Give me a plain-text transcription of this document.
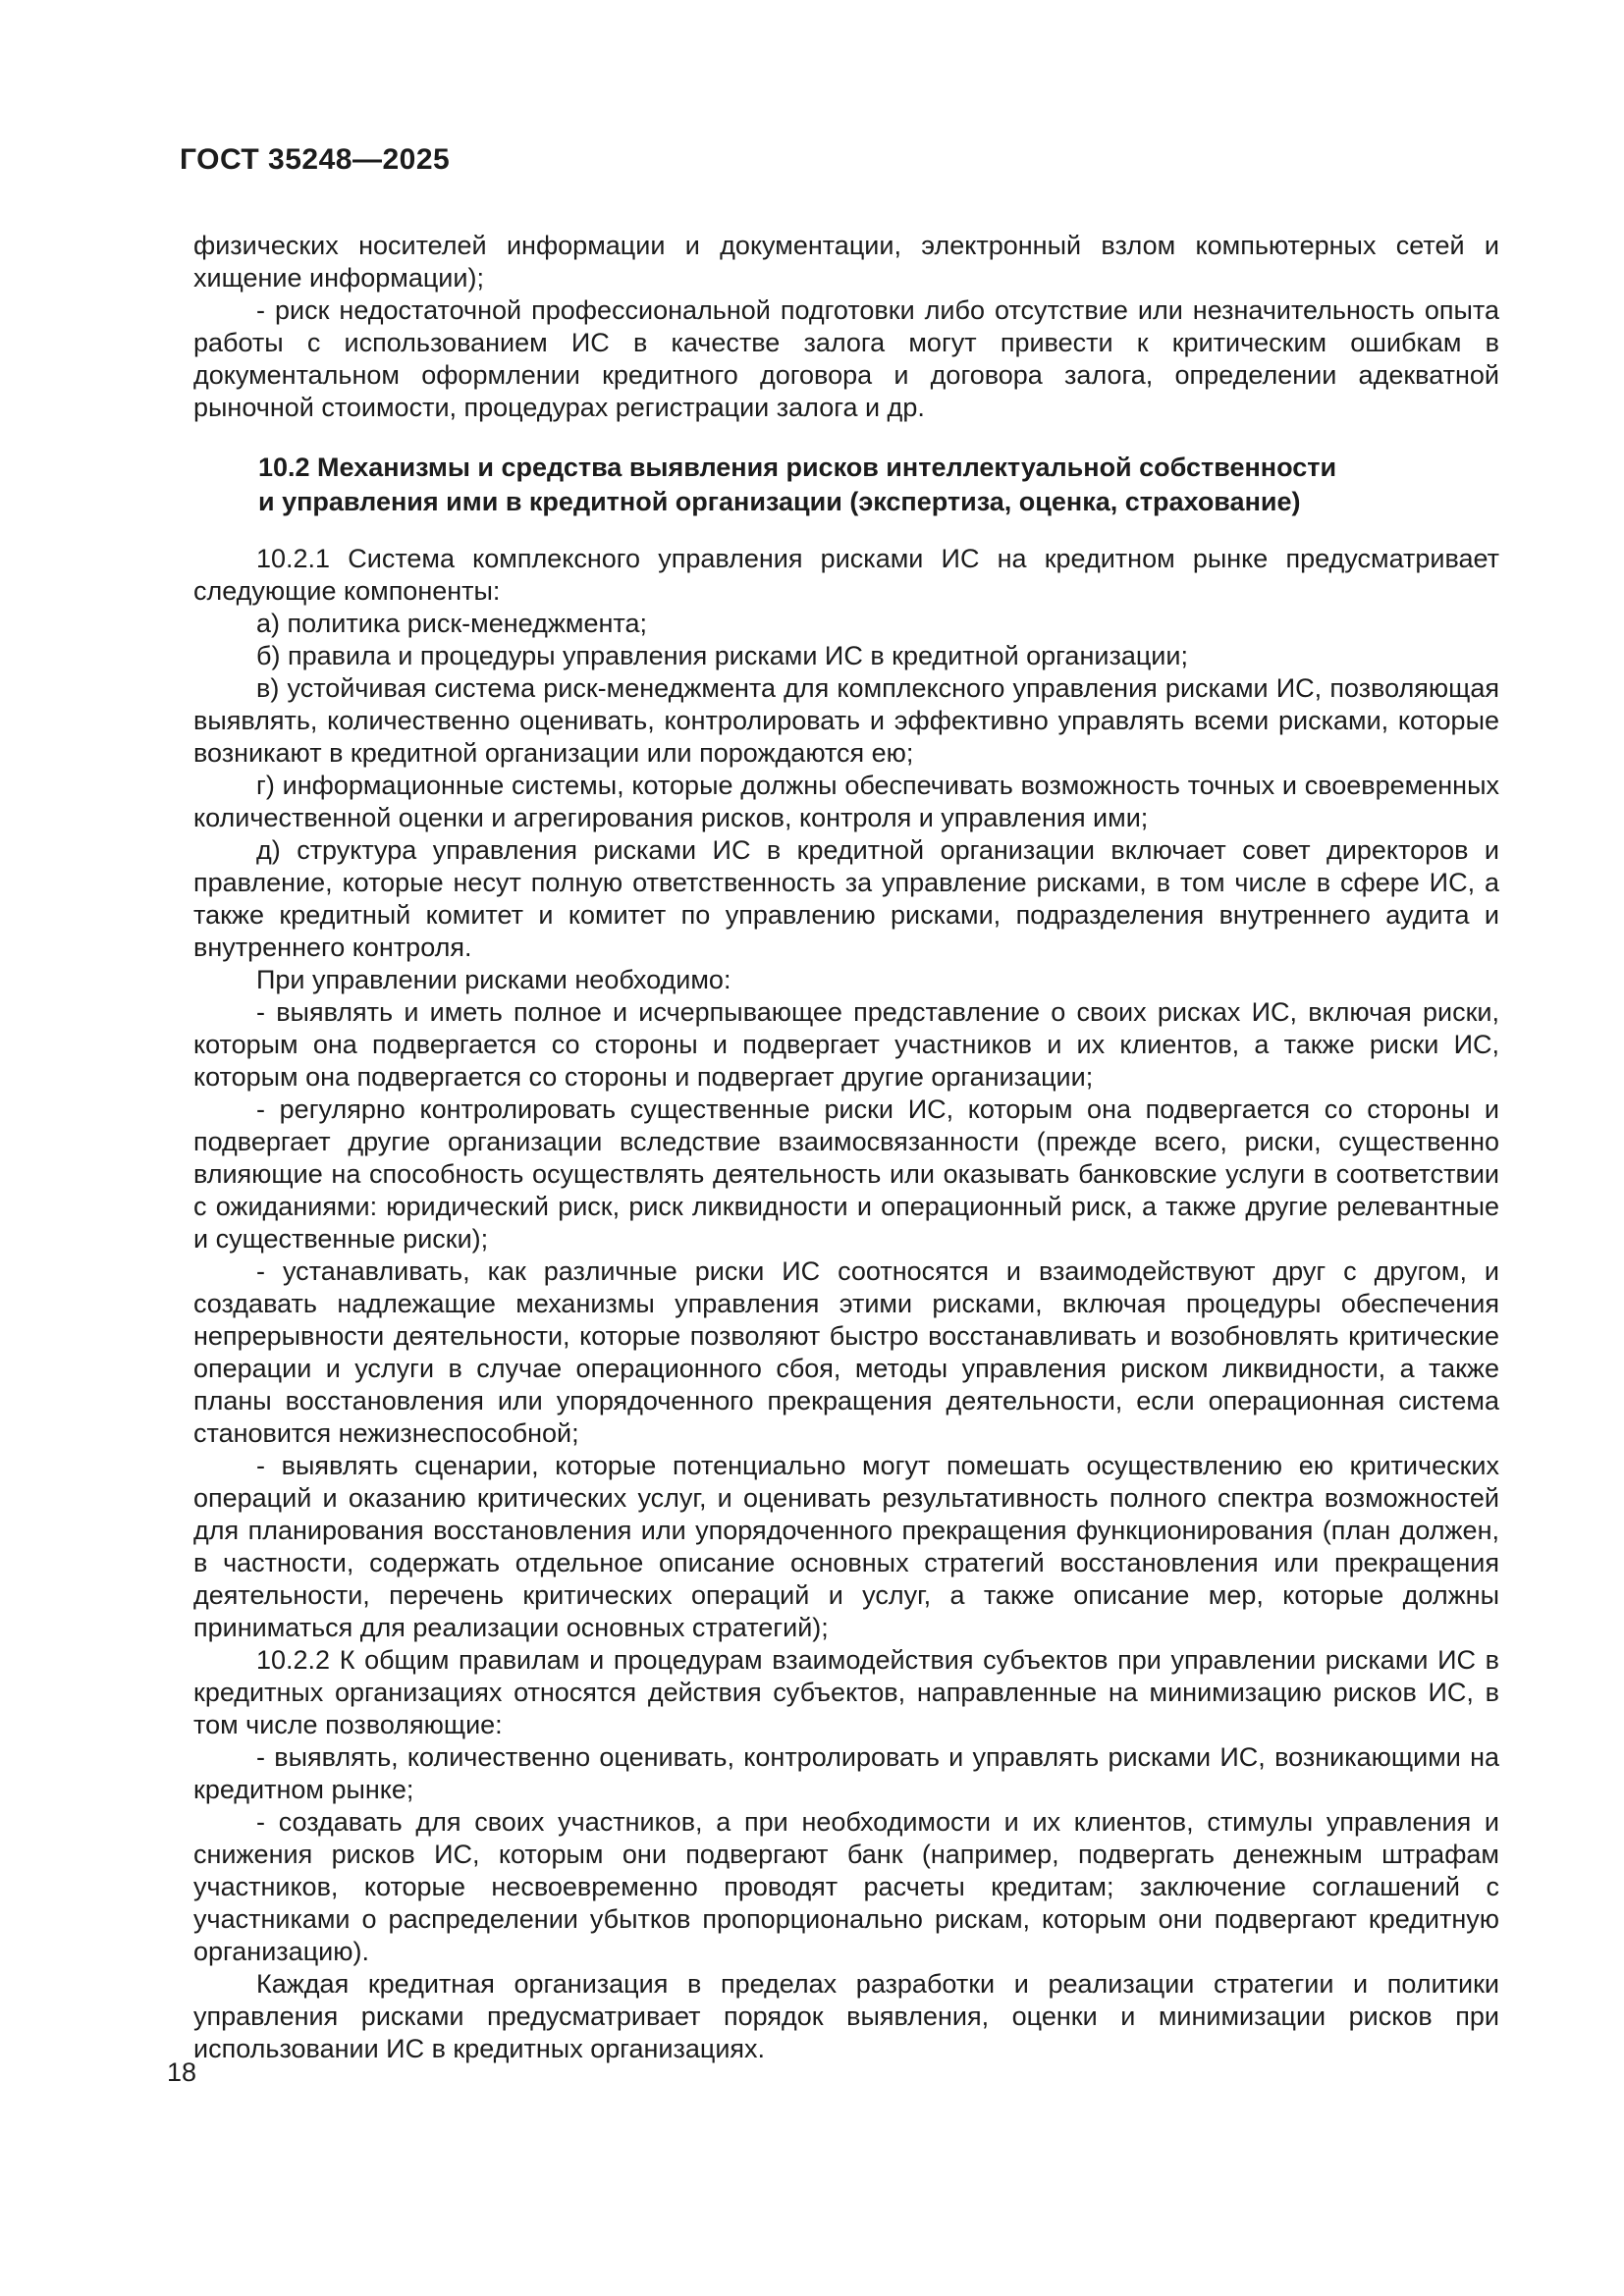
ГОСТ 35248—2025

физических носителей информации и документации, электронный взлом компьютерных сетей и хищение информации);

- риск недостаточной профессиональной подготовки либо отсутствие или незначительность опыта работы с использованием ИС в качестве залога могут привести к критическим ошибкам в документальном оформлении кредитного договора и договора залога, определении адекватной рыночной стоимости, процедурах регистрации залога и др.

10.2 Механизмы и средства выявления рисков интеллектуальной собственности
и управления ими в кредитной организации (экспертиза, оценка, страхование)

10.2.1 Система комплексного управления рисками ИС на кредитном рынке предусматривает следующие компоненты:

а) политика риск-менеджмента;

б) правила и процедуры управления рисками ИС в кредитной организации;

в) устойчивая система риск-менеджмента для комплексного управления рисками ИС, позволяющая выявлять, количественно оценивать, контролировать и эффективно управлять всеми рисками, которые возникают в кредитной организации или порождаются ею;

г) информационные системы, которые должны обеспечивать возможность точных и своевременных количественной оценки и агрегирования рисков, контроля и управления ими;

д) структура управления рисками ИС в кредитной организации включает совет директоров и правление, которые несут полную ответственность за управление рисками, в том числе в сфере ИС, а также кредитный комитет и комитет по управлению рисками, подразделения внутреннего аудита и внутреннего контроля.

При управлении рисками необходимо:

- выявлять и иметь полное и исчерпывающее представление о своих рисках ИС, включая риски, которым она подвергается со стороны и подвергает участников и их клиентов, а также риски ИС, которым она подвергается со стороны и подвергает другие организации;

- регулярно контролировать существенные риски ИС, которым она подвергается со стороны и подвергает другие организации вследствие взаимосвязанности (прежде всего, риски, существенно влияющие на способность осуществлять деятельность или оказывать банковские услуги в соответствии с ожиданиями: юридический риск, риск ликвидности и операционный риск, а также другие релевантные и существенные риски);

- устанавливать, как различные риски ИС соотносятся и взаимодействуют друг с другом, и создавать надлежащие механизмы управления этими рисками, включая процедуры обеспечения непрерывности деятельности, которые позволяют быстро восстанавливать и возобновлять критические операции и услуги в случае операционного сбоя, методы управления риском ликвидности, а также планы восстановления или упорядоченного прекращения деятельности, если операционная система становится нежизнеспособной;

- выявлять сценарии, которые потенциально могут помешать осуществлению ею критических операций и оказанию критических услуг, и оценивать результативность полного спектра возможностей для планирования восстановления или упорядоченного прекращения функционирования (план должен, в частности, содержать отдельное описание основных стратегий восстановления или прекращения деятельности, перечень критических операций и услуг, а также описание мер, которые должны приниматься для реализации основных стратегий);

10.2.2 К общим правилам и процедурам взаимодействия субъектов при управлении рисками ИС в кредитных организациях относятся действия субъектов, направленные на минимизацию рисков ИС, в том числе позволяющие:

- выявлять, количественно оценивать, контролировать и управлять рисками ИС, возникающими на кредитном рынке;

- создавать для своих участников, а при необходимости и их клиентов, стимулы управления и снижения рисков ИС, которым они подвергают банк (например, подвергать денежным штрафам участников, которые несвоевременно проводят расчеты кредитам; заключение соглашений с участниками о распределении убытков пропорционально рискам, которым они подвергают кредитную организацию).

Каждая кредитная организация в пределах разработки и реализации стратегии и политики управления рисками предусматривает порядок выявления, оценки и минимизации рисков при использовании ИС в кредитных организациях.

18
